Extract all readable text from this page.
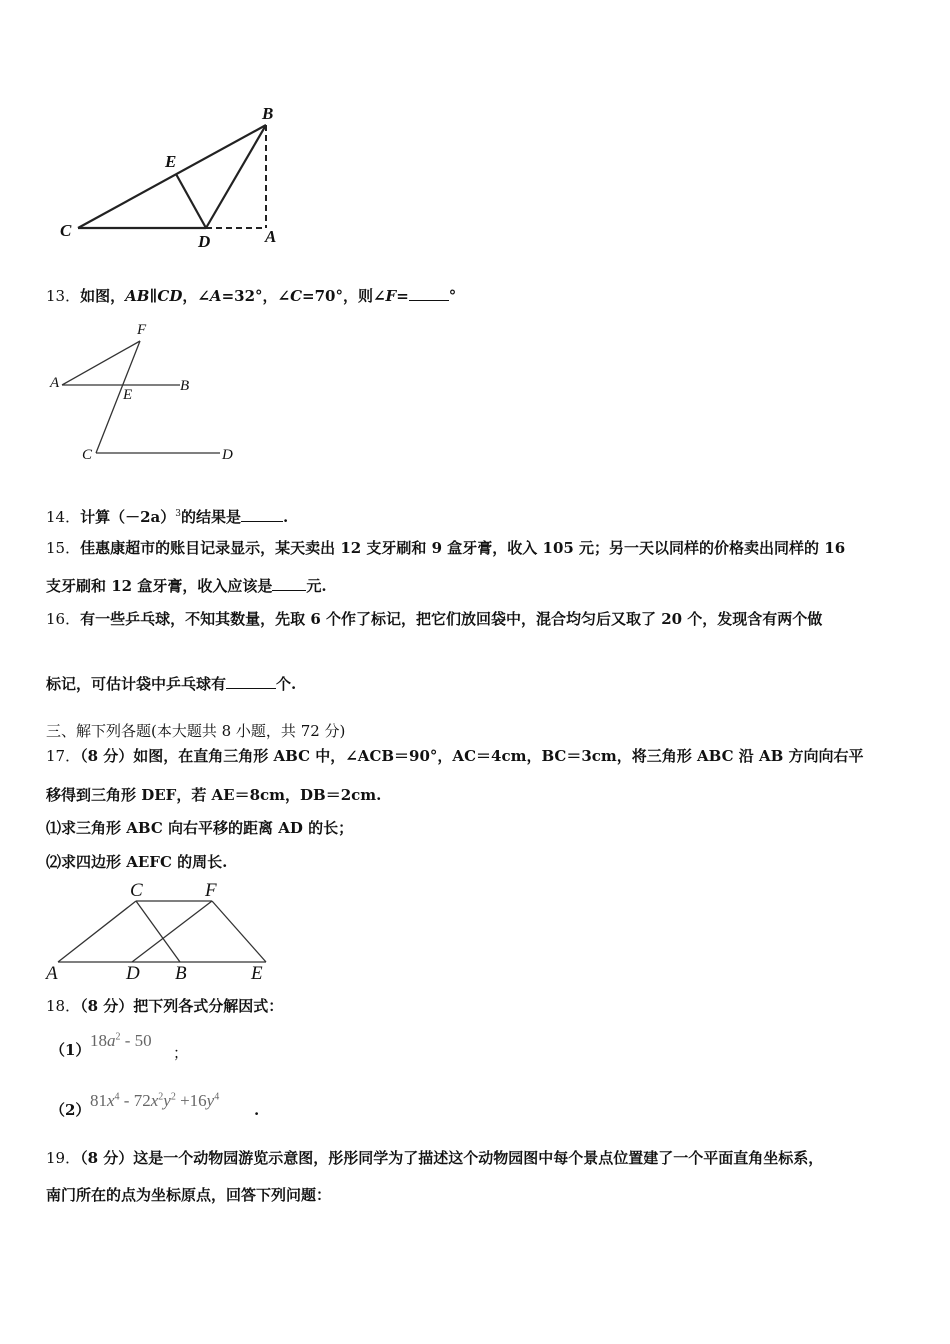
B
E
C
D	A
13．如图，AB∥CD，∠A=32°，∠C=70°，则∠F=	°
F
A	B
E
C	D
14．计算$(-2a)^3$的结果是	.
15．佳惠康超市的账目记录显示，某天卖出 12 支牙刷和 9 盒牙膏，收入 105 元；另一天以同样的价格卖出同样的 16
支牙刷和 12 盒牙膏，收入应该是 元.
16．有一些乒乓球，不知其数量，先取 6 个作了标记，把它们放回袋中，混合均匀后又取了 20 个，发现含有两个做
标记，可估计袋中乒乓球有	个.
三、解下列各题(本大题共 8 小题，共 72 分)
17．（8 分）如图，在直角三角形 ABC 中，∠ACB＝90°，AC＝4cm，BC＝3cm，将三角形 ABC 沿 AB 方向向右平
移得到三角形 DEF，若 AE＝8cm，DB＝2cm.
⑴求三角形 ABC 向右平移的距离 AD 的长；
⑵求四边形 AEFC 的周长.
C	F
A	D B	E
18．（8 分）把下列各式分解因式：
（1） $18a^2 - 50$
；
（2） $81x^4 - 72x^2y^2 +16y^4$
.
19．（8 分）这是一个动物园游览示意图，彤彤同学为了描述这个动物园图中每个景点位置建了一个平面直角坐标系，
南门所在的点为坐标原点，回答下列问题：
